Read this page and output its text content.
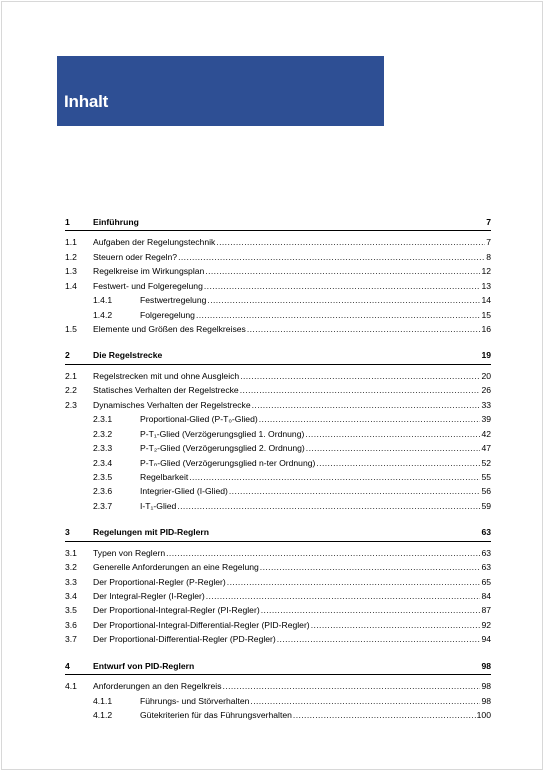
Inhalt
1	Einführung	7
1.1	Aufgaben der Regelungstechnik .....	7
1.2	Steuern oder Regeln? .....	8
1.3	Regelkreise im Wirkungsplan .....	12
1.4	Festwert- und Folgeregelung .....	13
1.4.1	Festwertregelung .....	14
1.4.2	Folgeregelung .....	15
1.5	Elemente und Größen des Regelkreises .....	16
2	Die Regelstrecke	19
2.1	Regelstrecken mit und ohne Ausgleich .....	20
2.2	Statisches Verhalten der Regelstrecke .....	26
2.3	Dynamisches Verhalten der Regelstrecke .....	33
2.3.1	Proportional-Glied (P-T₀-Glied) .....	39
2.3.2	P-T₁-Glied (Verzögerungsglied 1. Ordnung) .....	42
2.3.3	P-T₂-Glied (Verzögerungsglied 2. Ordnung) .....	47
2.3.4	P-Tₙ-Glied (Verzögerungsglied n-ter Ordnung) .....	52
2.3.5	Regelbarkeit .....	55
2.3.6	Integrier-Glied (I-Glied) .....	56
2.3.7	I-T₁-Glied .....	59
3	Regelungen mit PID-Reglern	63
3.1	Typen von Reglern .....	63
3.2	Generelle Anforderungen an eine Regelung .....	63
3.3	Der Proportional-Regler (P-Regler) .....	65
3.4	Der Integral-Regler (I-Regler) .....	84
3.5	Der Proportional-Integral-Regler (PI-Regler) .....	87
3.6	Der Proportional-Integral-Differential-Regler (PID-Regler) .....	92
3.7	Der Proportional-Differential-Regler (PD-Regler) .....	94
4	Entwurf von PID-Reglern	98
4.1	Anforderungen an den Regelkreis .....	98
4.1.1	Führungs- und Störverhalten .....	98
4.1.2	Gütekriterien für das Führungsverhalten .....	100
